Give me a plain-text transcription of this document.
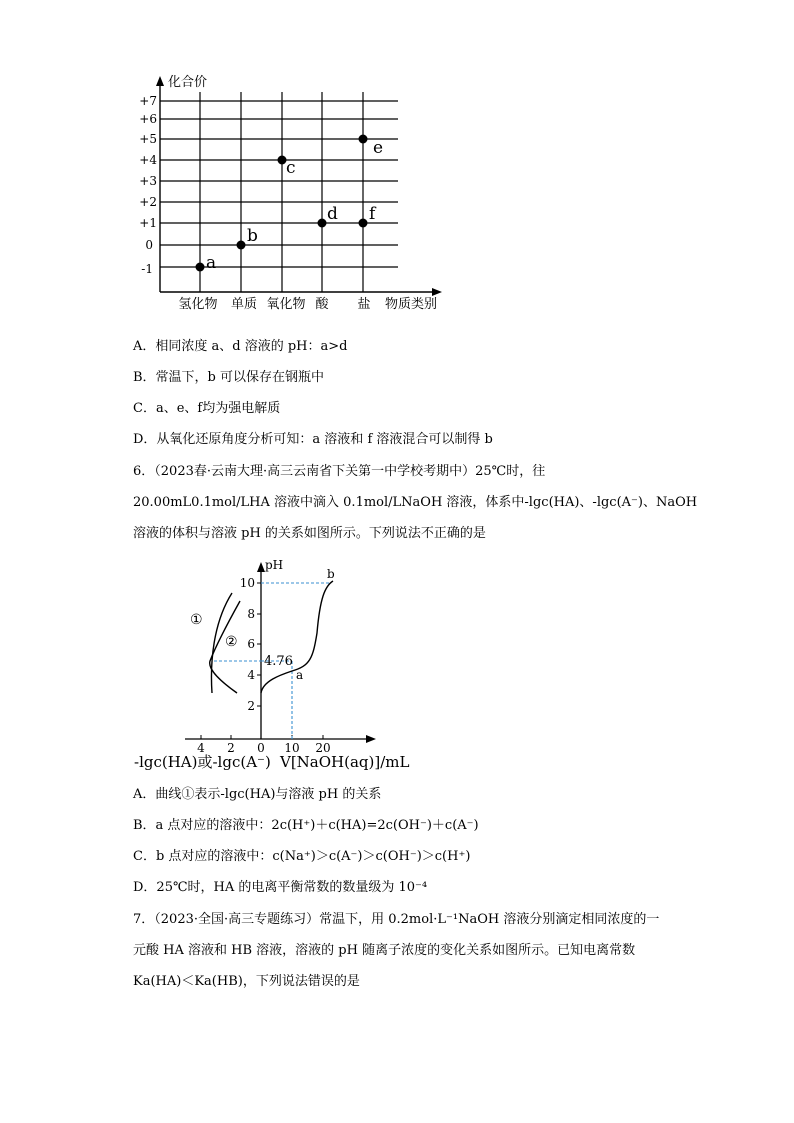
化合价
+7
+6
+5
+4
+3
+2
+1
0
-1
氢化物 单质 氧化物 酸 盐 物质类别
a
b
c
d
e
f
A．相同浓度 a、d 溶液的 pH：a>d
B．常温下，b 可以保存在钢瓶中
C．a、e、f均为强电解质
D．从氧化还原角度分析可知：a 溶液和 f 溶液混合可以制得 b
6．（2023春·云南大理·高三云南省下关第一中学校考期中）25℃时，往
20.00mL0.1mol/LHA 溶液中滴入 0.1mol/LNaOH 溶液，体系中-lgc(HA)、-lgc(A⁻)、NaOH
溶液的体积与溶液 pH 的关系如图所示。下列说法不正确的是
pH
10
8
6
4
2
4 2 0 10 20
①
②
4.76
a
b
-lgc(HA)或-lgc(A⁻) V[NaOH(aq)]/mL
A．曲线①表示-lgc(HA)与溶液 pH 的关系
B．a 点对应的溶液中：2c(H⁺)＋c(HA)=2c(OH⁻)＋c(A⁻)
C．b 点对应的溶液中：c(Na⁺)＞c(A⁻)＞c(OH⁻)＞c(H⁺)
D．25℃时，HA 的电离平衡常数的数量级为 10⁻⁴
7．（2023·全国·高三专题练习）常温下，用 0.2mol·L⁻¹NaOH 溶液分别滴定相同浓度的一
元酸 HA 溶液和 HB 溶液，溶液的 pH 随离子浓度的变化关系如图所示。已知电离常数
Ka(HA)＜Ka(HB)，下列说法错误的是
